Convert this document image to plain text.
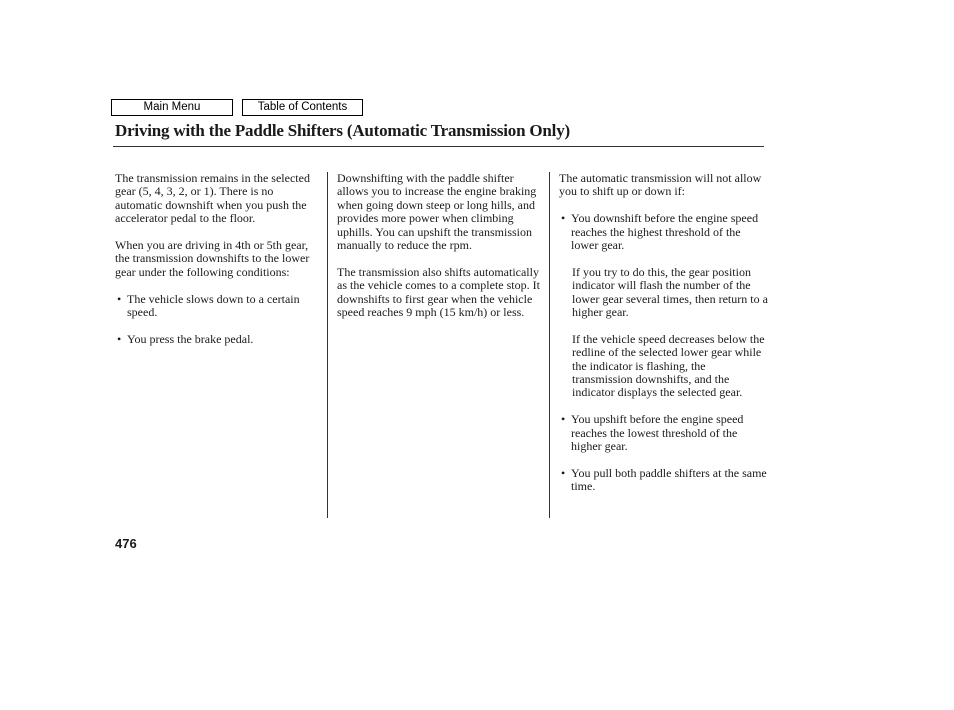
Main Menu	Table of Contents
Driving with the Paddle Shifters (Automatic Transmission Only)

The transmission remains in the selected gear (5, 4, 3, 2, or 1). There is no automatic downshift when you push the accelerator pedal to the floor.

When you are driving in 4th or 5th gear, the transmission downshifts to the lower gear under the following conditions:

• The vehicle slows down to a certain speed.
• You press the brake pedal.

Downshifting with the paddle shifter allows you to increase the engine braking when going down steep or long hills, and provides more power when climbing uphills. You can upshift the transmission manually to reduce the rpm.

The transmission also shifts automatically as the vehicle comes to a complete stop. It downshifts to first gear when the vehicle speed reaches 9 mph (15 km/h) or less.

The automatic transmission will not allow you to shift up or down if:

• You downshift before the engine speed reaches the highest threshold of the lower gear.

If you try to do this, the gear position indicator will flash the number of the lower gear several times, then return to a higher gear.

If the vehicle speed decreases below the redline of the selected lower gear while the indicator is flashing, the transmission downshifts, and the indicator displays the selected gear.

• You upshift before the engine speed reaches the lowest threshold of the higher gear.
• You pull both paddle shifters at the same time.
476
